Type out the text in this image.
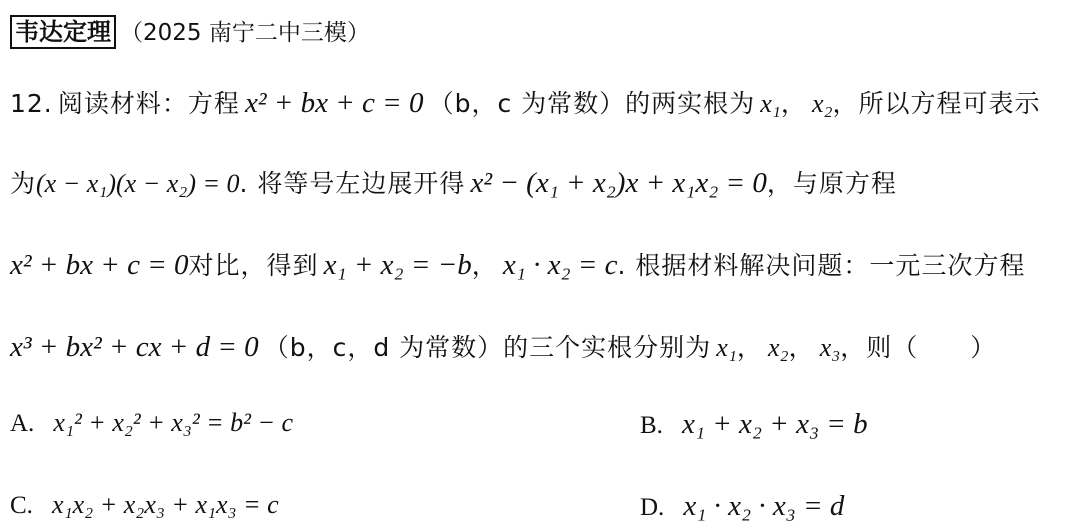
韦达定理 （2025 南宁二中三模）
12. 阅读材料：方程 x² + bx + c = 0 （b，c 为常数）的两实根为 x₁， x₂，所以方程可表示
为(x − x₁)(x − x₂) = 0. 将等号左边展开得 x² − (x₁ + x₂)x + x₁x₂ = 0，与原方程
x² + bx + c = 0对比，得到 x₁ + x₂ = −b， x₁ · x₂ = c. 根据材料解决问题：一元三次方程
x³ + bx² + cx + d = 0 （b，c，d 为常数）的三个实根分别为 x₁， x₂， x₃，则（　　）
A. x₁² + x₂² + x₃² = b² − c	B. x₁ + x₂ + x₃ = b
C. x₁x₂ + x₂x₃ + x₁x₃ = c	D. x₁ · x₂ · x₃ = d
